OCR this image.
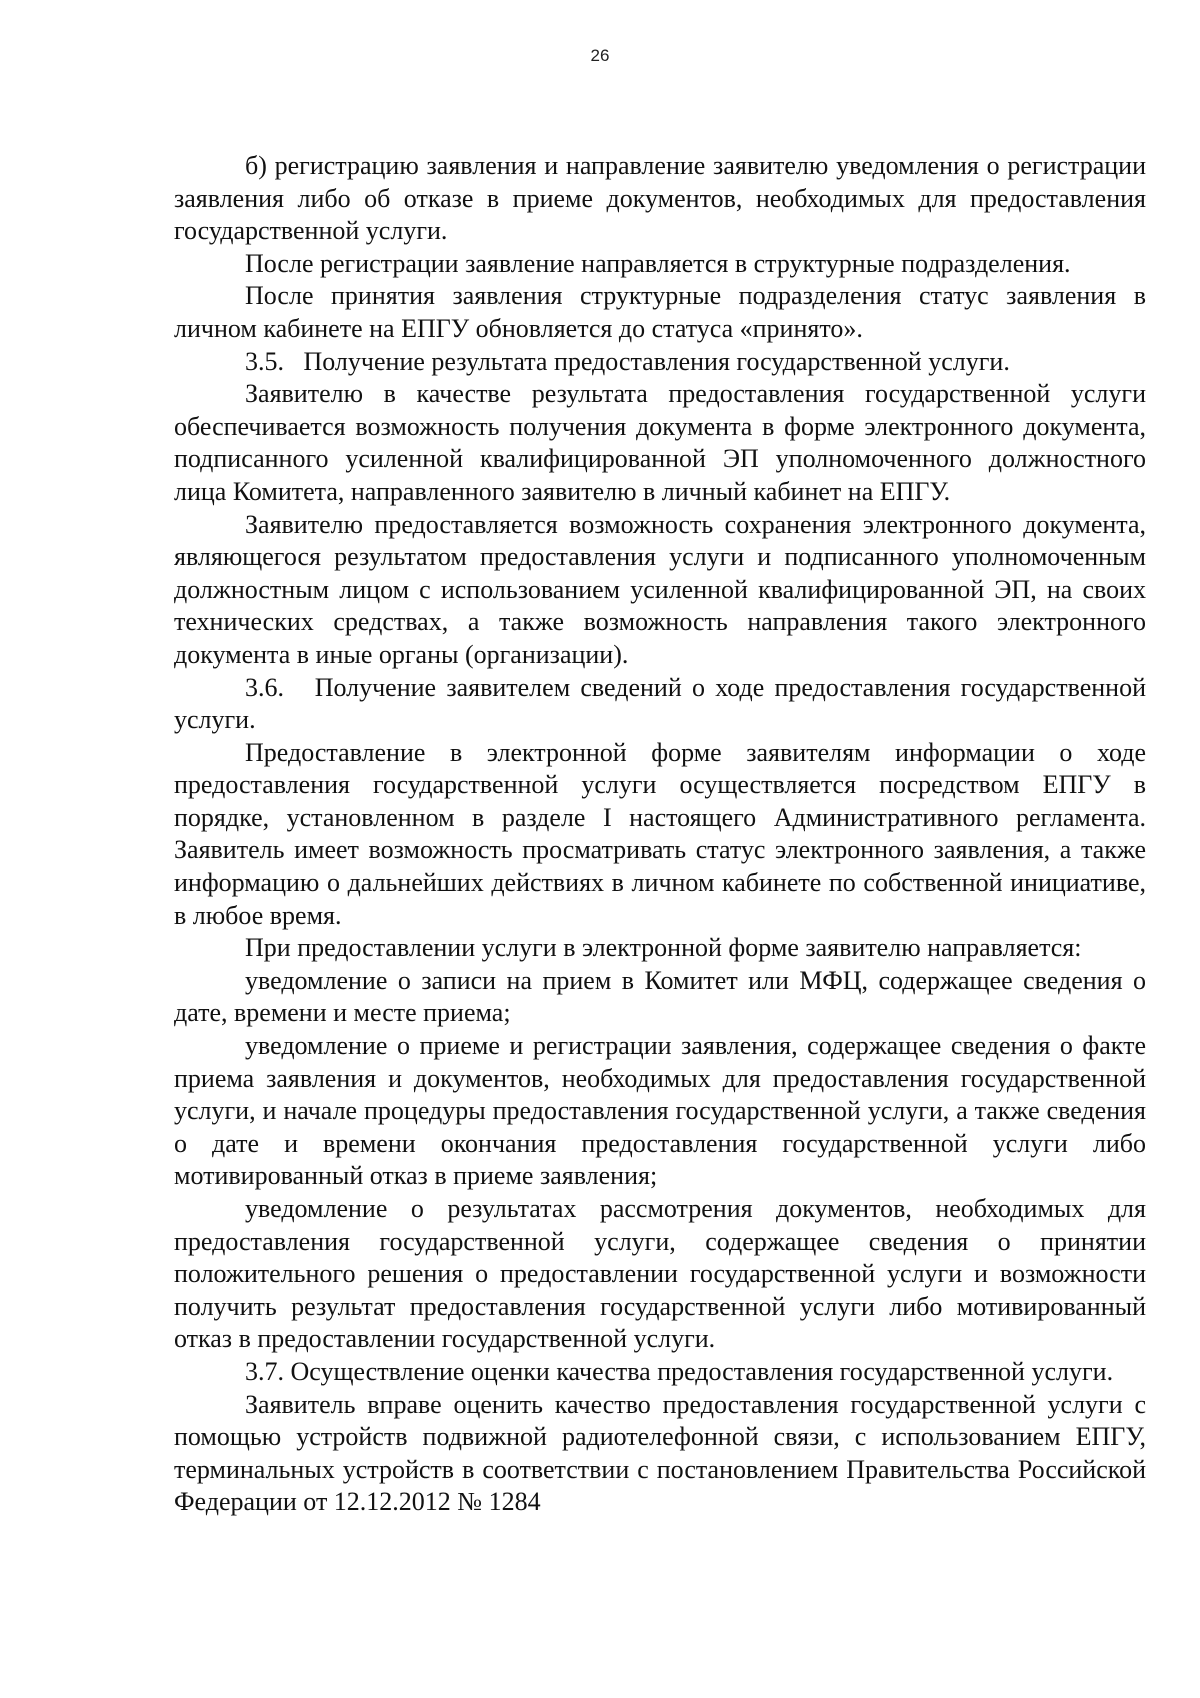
26

б) регистрацию заявления и направление заявителю уведомления о регистрации заявления либо об отказе в приеме документов, необходимых для предоставления государственной услуги.

После регистрации заявление направляется в структурные подразделения.

После принятия заявления структурные подразделения статус заявления в личном кабинете на ЕПГУ обновляется до статуса «принято».

3.5.   Получение результата предоставления государственной услуги.

Заявителю в качестве результата предоставления государственной услуги обеспечивается возможность получения документа в форме электронного документа, подписанного усиленной квалифицированной ЭП уполномоченного должностного лица Комитета, направленного заявителю в личный кабинет на ЕПГУ.

Заявителю предоставляется возможность сохранения электронного документа, являющегося результатом предоставления услуги и подписанного уполномоченным должностным лицом с использованием усиленной квалифицированной ЭП, на своих технических средствах, а также возможность направления такого электронного документа в иные органы (организации).

3.6.   Получение заявителем сведений о ходе предоставления государственной услуги.

Предоставление в электронной форме заявителям информации о ходе предоставления государственной услуги осуществляется посредством ЕПГУ в порядке, установленном в разделе I настоящего Административного регламента. Заявитель имеет возможность просматривать статус электронного заявления, а также информацию о дальнейших действиях в личном кабинете по собственной инициативе, в любое время.

При предоставлении услуги в электронной форме заявителю направляется:

уведомление о записи на прием в Комитет или МФЦ, содержащее сведения о дате, времени и месте приема;

уведомление о приеме и регистрации заявления, содержащее сведения о факте приема заявления и документов, необходимых для предоставления государственной услуги, и начале процедуры предоставления государственной услуги, а также сведения о дате и времени окончания предоставления государственной услуги либо мотивированный отказ в приеме заявления;

уведомление о результатах рассмотрения документов, необходимых для предоставления государственной услуги, содержащее сведения о принятии положительного решения о предоставлении государственной услуги и возможности получить результат предоставления государственной услуги либо мотивированный отказ в предоставлении государственной услуги.

3.7. Осуществление оценки качества предоставления государственной услуги.

Заявитель вправе оценить качество предоставления государственной услуги с помощью устройств подвижной радиотелефонной связи, с использованием ЕПГУ, терминальных устройств в соответствии с постановлением Правительства Российской Федерации от 12.12.2012 № 1284
